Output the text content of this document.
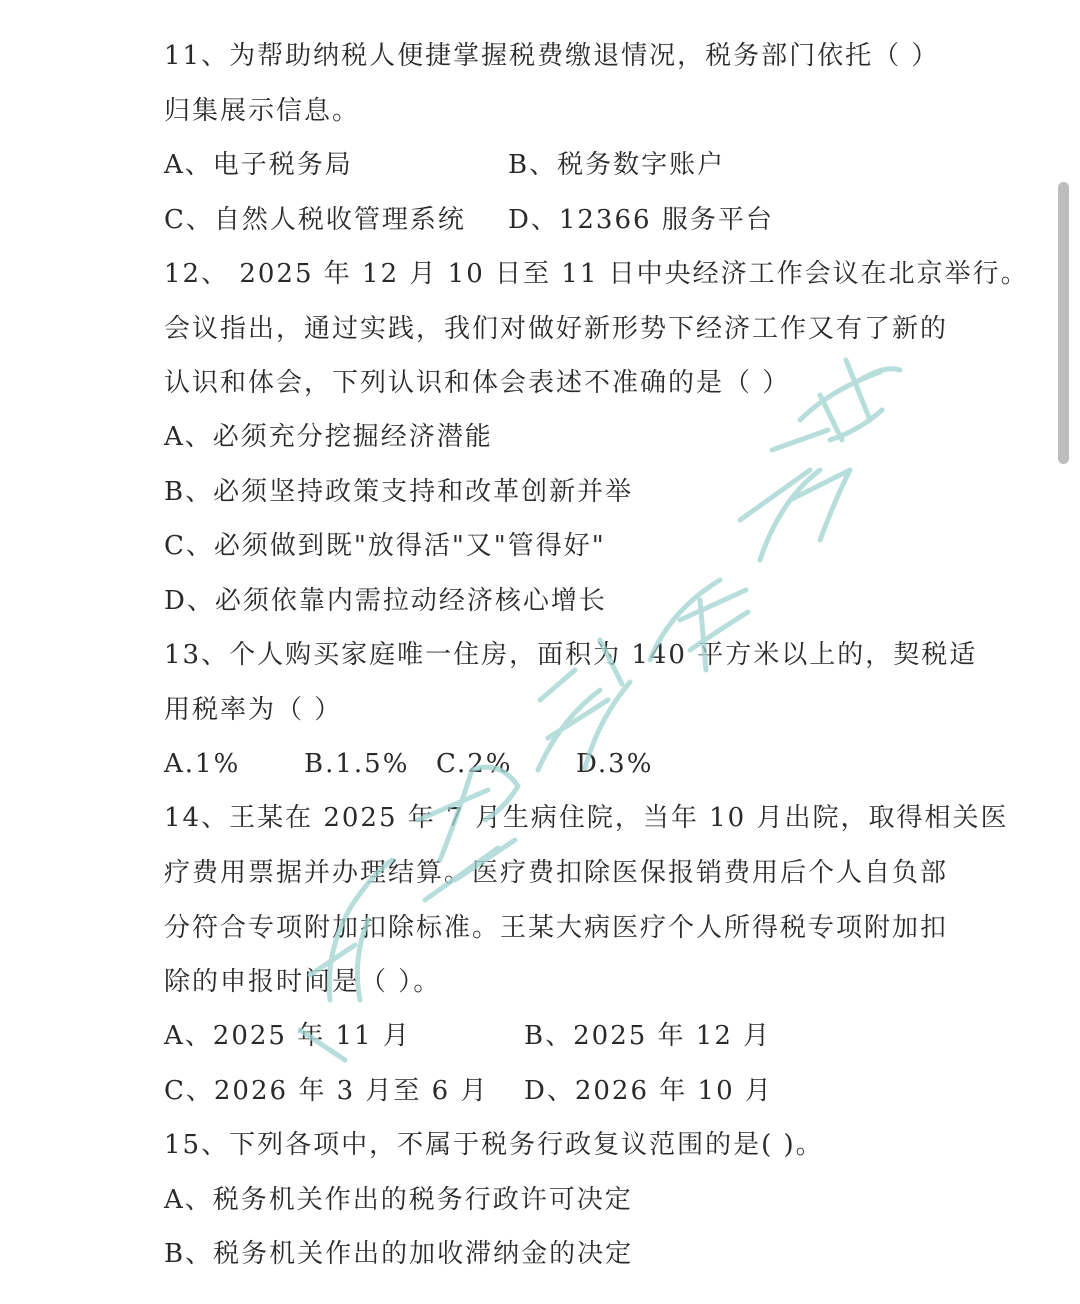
11、为帮助纳税人便捷掌握税费缴退情况，税务部门依托（ ）
归集展示信息。
A、电子税务局	B、税务数字账户
C、自然人税收管理系统 D、12366 服务平台
12、 2025 年 12 月 10 日至 11 日中央经济工作会议在北京举行。
会议指出，通过实践，我们对做好新形势下经济工作又有了新的
认识和体会，下列认识和体会表述不准确的是（ ）
A、必须充分挖掘经济潜能
B、必须坚持政策支持和改革创新并举
C、必须做到既"放得活"又"管得好"
D、必须依靠内需拉动经济核心增长
13、个人购买家庭唯一住房，面积为 140 平方米以上的，契税适
用税率为（ ）
A.1% B.1.5% C.2% D.3%
14、王某在 2025 年 7 月生病住院，当年 10 月出院，取得相关医
疗费用票据并办理结算。医疗费扣除医保报销费用后个人自负部
分符合专项附加扣除标准。王某大病医疗个人所得税专项附加扣
除的申报时间是（ ）。
A、2025 年 11 月	B、2025 年 12 月
C、2026 年 3 月至 6 月 D、2026 年 10 月
15、下列各项中，不属于税务行政复议范围的是( )。
A、税务机关作出的税务行政许可决定
B、税务机关作出的加收滞纳金的决定
